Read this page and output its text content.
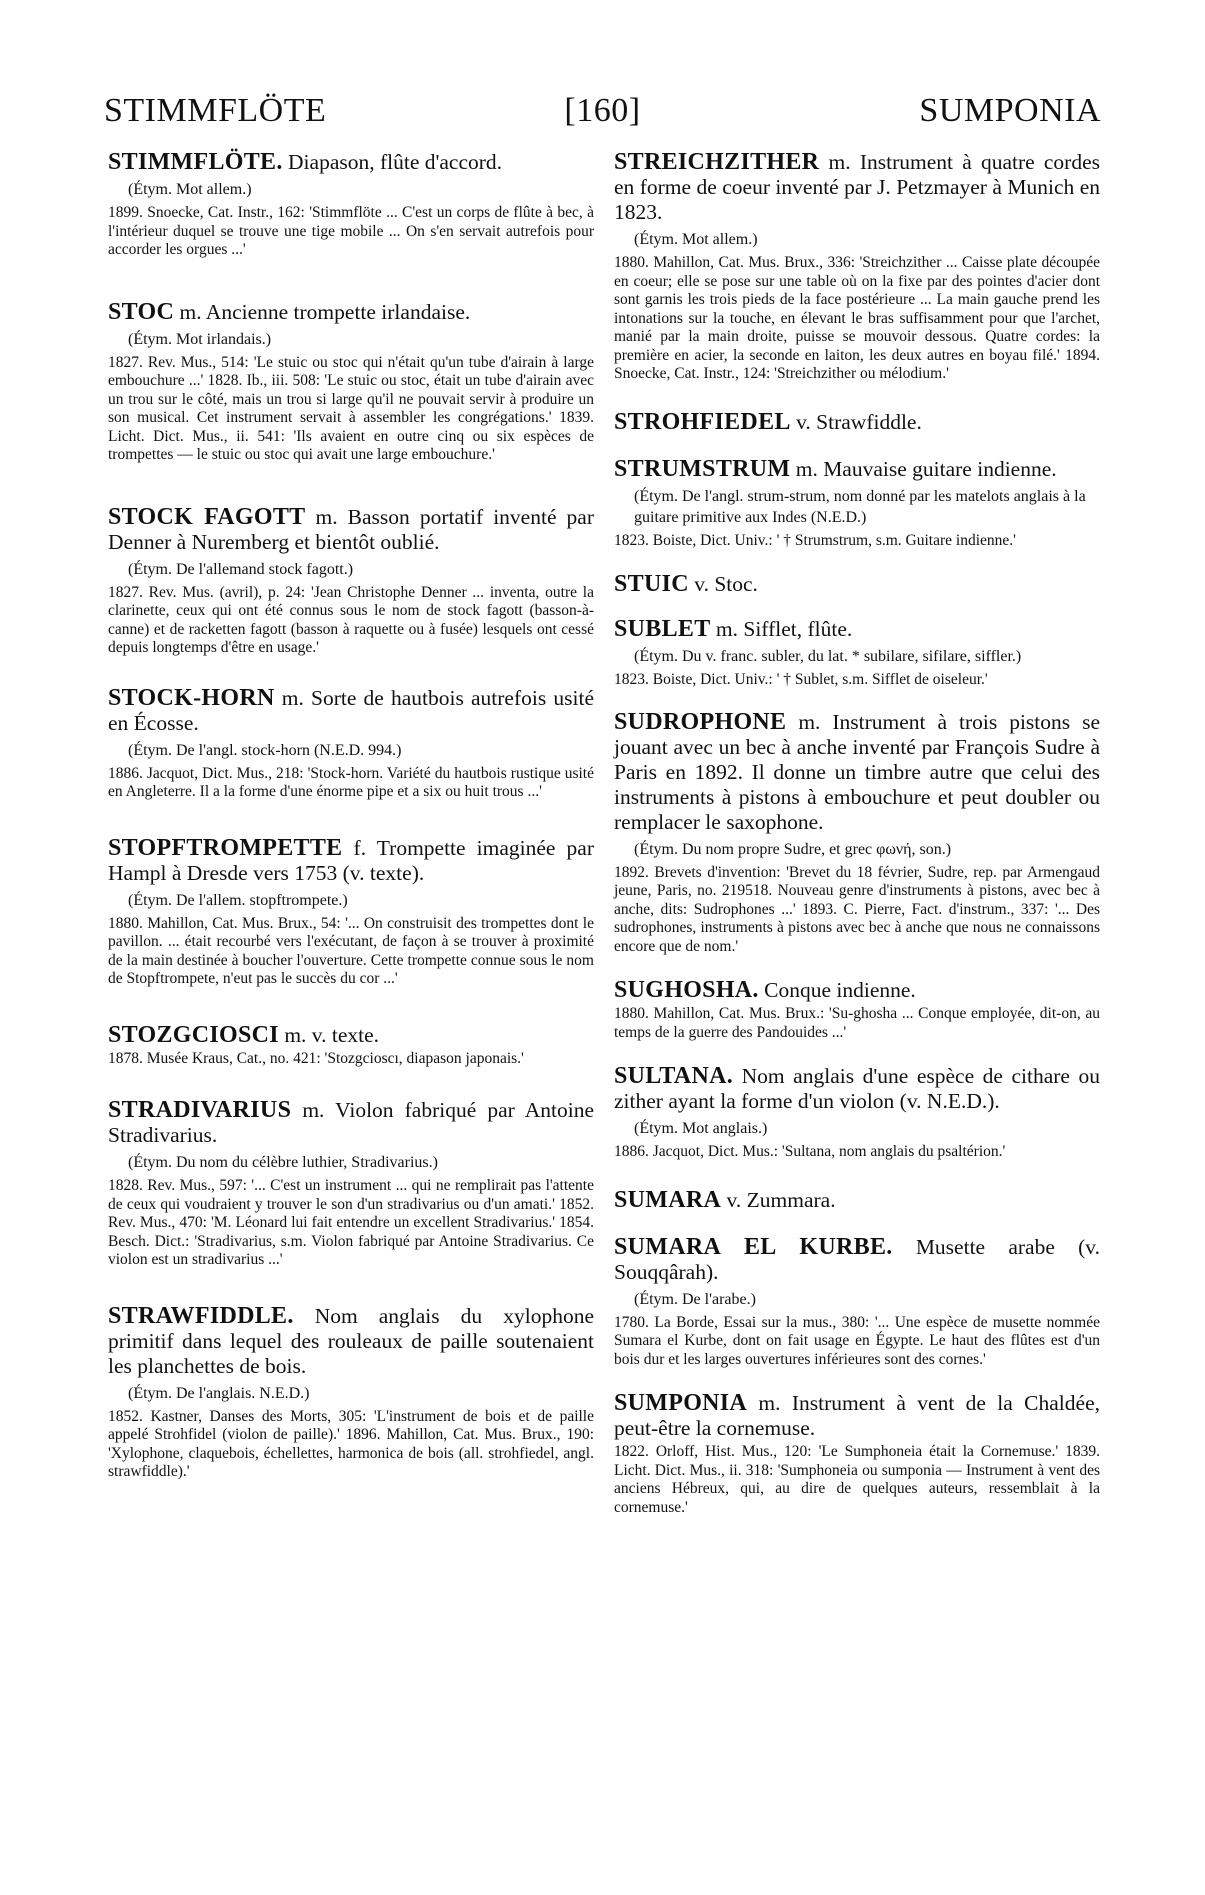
STIMMFLÖTE	[160]	SUMPONIA

STIMMFLÖTE. Diapason, flûte d'accord.

(Étym. Mot allem.)

1899. Snoecke, Cat. Instr., 162: 'Stimmflöte ... C'est un corps de flûte à bec, à l'intérieur duquel se trouve une tige mobile ... On s'en servait autrefois pour accorder les orgues ...'

STOC m. Ancienne trompette irlandaise.

(Étym. Mot irlandais.)

1827. Rev. Mus., 514: 'Le stuic ou stoc qui n'était qu'un tube d'airain à large embouchure ...' 1828. Ib., iii. 508: 'Le stuic ou stoc, était un tube d'airain avec un trou sur le côté, mais un trou si large qu'il ne pouvait servir à produire un son musical. Cet instrument servait à assembler les congrégations.' 1839. Licht. Dict. Mus., ii. 541: 'Ils avaient en outre cinq ou six espèces de trompettes — le stuic ou stoc qui avait une large embouchure.'

STOCK FAGOTT m. Basson portatif inventé par Denner à Nuremberg et bientôt oublié.

(Étym. De l'allemand stock fagott.)

1827. Rev. Mus. (avril), p. 24: 'Jean Christophe Denner ... inventa, outre la clarinette, ceux qui ont été connus sous le nom de stock fagott (basson-à-canne) et de racketten fagott (basson à raquette ou à fusée) lesquels ont cessé depuis longtemps d'être en usage.'

STOCK-HORN m. Sorte de hautbois autrefois usité en Écosse.

(Étym. De l'angl. stock-horn (N.E.D. 994.)

1886. Jacquot, Dict. Mus., 218: 'Stock-horn. Variété du hautbois rustique usité en Angleterre. Il a la forme d'une énorme pipe et a six ou huit trous ...'

STOPFTROMPETTE f. Trompette imaginée par Hampl à Dresde vers 1753 (v. texte).

(Étym. De l'allem. stopftrompete.)

1880. Mahillon, Cat. Mus. Brux., 54: '... On construisit des trompettes dont le pavillon. ... était recourbé vers l'exécutant, de façon à se trouver à proximité de la main destinée à boucher l'ouverture. Cette trompette connue sous le nom de Stopftrompete, n'eut pas le succès du cor ...'

STOZGCIOSCI m. v. texte.

1878. Musée Kraus, Cat., no. 421: 'Stozgcioscı, diapason japonais.'

STRADIVARIUS m. Violon fabriqué par Antoine Stradivarius.

(Étym. Du nom du célèbre luthier, Stradivarius.)

1828. Rev. Mus., 597: '... C'est un instrument ... qui ne remplirait pas l'attente de ceux qui voudraient y trouver le son d'un stradivarius ou d'un amati.' 1852. Rev. Mus., 470: 'M. Léonard lui fait entendre un excellent Stradivarius.' 1854. Besch. Dict.: 'Stradivarius, s.m. Violon fabriqué par Antoine Stradivarius. Ce violon est un stradivarius ...'

STRAWFIDDLE. Nom anglais du xylophone primitif dans lequel des rouleaux de paille soutenaient les planchettes de bois.

(Étym. De l'anglais. N.E.D.)

1852. Kastner, Danses des Morts, 305: 'L'instrument de bois et de paille appelé Strohfidel (violon de paille).' 1896. Mahillon, Cat. Mus. Brux., 190: 'Xylophone, claquebois, échellettes, harmonica de bois (all. strohfiedel, angl. strawfiddle).'

STREICHZITHER m. Instrument à quatre cordes en forme de coeur inventé par J. Petzmayer à Munich en 1823.

(Étym. Mot allem.)

1880. Mahillon, Cat. Mus. Brux., 336: 'Streichzither ... Caisse plate découpée en coeur; elle se pose sur une table où on la fixe par des pointes d'acier dont sont garnis les trois pieds de la face postérieure ... La main gauche prend les intonations sur la touche, en élevant le bras suffisamment pour que l'archet, manié par la main droite, puisse se mouvoir dessous. Quatre cordes: la première en acier, la seconde en laiton, les deux autres en boyau filé.' 1894. Snoecke, Cat. Instr., 124: 'Streichzither ou mélodium.'

STROHFIEDEL v. Strawfiddle.

STRUMSTRUM m. Mauvaise guitare indienne.

(Étym. De l'angl. strum-strum, nom donné par les matelots anglais à la guitare primitive aux Indes (N.E.D.)

1823. Boiste, Dict. Univ.: ' † Strumstrum, s.m. Guitare indienne.'

STUIC v. Stoc.

SUBLET m. Sifflet, flûte.

(Étym. Du v. franc. subler, du lat. * subilare, sifilare, siffler.)

1823. Boiste, Dict. Univ.: ' † Sublet, s.m. Sifflet de oiseleur.'

SUDROPHONE m. Instrument à trois pistons se jouant avec un bec à anche inventé par François Sudre à Paris en 1892. Il donne un timbre autre que celui des instruments à pistons à embouchure et peut doubler ou remplacer le saxophone.

(Étym. Du nom propre Sudre, et grec φωνή, son.)

1892. Brevets d'invention: 'Brevet du 18 février, Sudre, rep. par Armengaud jeune, Paris, no. 219518. Nouveau genre d'instruments à pistons, avec bec à anche, dits: Sudrophones ...' 1893. C. Pierre, Fact. d'instrum., 337: '... Des sudrophones, instruments à pistons avec bec à anche que nous ne connaissons encore que de nom.'

SUGHOSHA. Conque indienne.

1880. Mahillon, Cat. Mus. Brux.: 'Su-ghosha ... Conque employée, dit-on, au temps de la guerre des Pandouides ...'

SULTANA. Nom anglais d'une espèce de cithare ou zither ayant la forme d'un violon (v. N.E.D.).

(Étym. Mot anglais.)

1886. Jacquot, Dict. Mus.: 'Sultana, nom anglais du psaltérion.'

SUMARA v. Zummara.

SUMARA EL KURBE. Musette arabe (v. Souqqârah).

(Étym. De l'arabe.)

1780. La Borde, Essai sur la mus., 380: '... Une espèce de musette nommée Sumara el Kurbe, dont on fait usage en Égypte. Le haut des flûtes est d'un bois dur et les larges ouvertures inférieures sont des cornes.'

SUMPONIA m. Instrument à vent de la Chaldée, peut-être la cornemuse.

1822. Orloff, Hist. Mus., 120: 'Le Sumphoneia était la Cornemuse.' 1839. Licht. Dict. Mus., ii. 318: 'Sumphoneia ou sumponia — Instrument à vent des anciens Hébreux, qui, au dire de quelques auteurs, ressemblait à la cornemuse.'
